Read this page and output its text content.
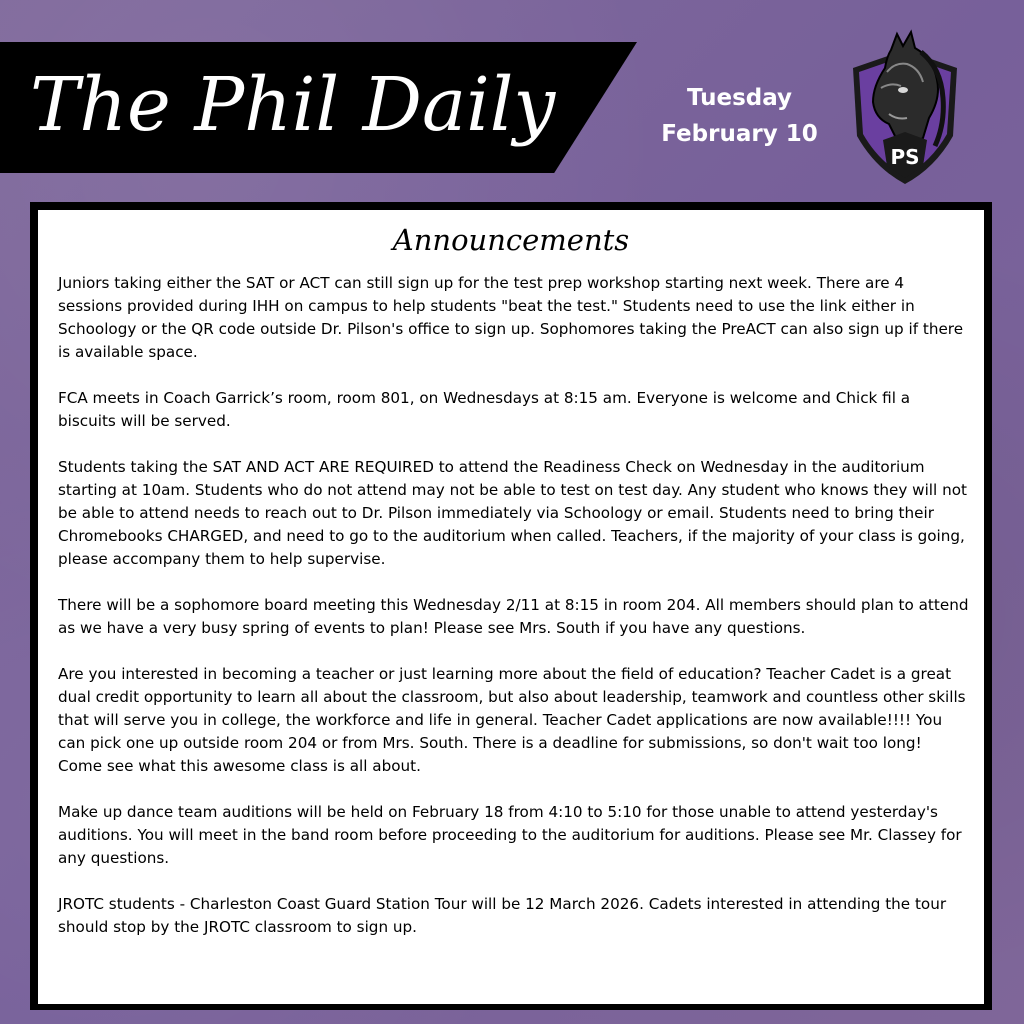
The Phil Daily	Tuesday
February 10
PS
Announcements
Juniors taking either the SAT or ACT can still sign up for the test prep workshop starting next week. There are 4 sessions provided during IHH on campus to help students "beat the test." Students need to use the link either in Schoology or the QR code outside Dr. Pilson's office to sign up. Sophomores taking the PreACT can also sign up if there is available space.
FCA meets in Coach Garrick’s room, room 801, on Wednesdays at 8:15 am. Everyone is welcome and Chick fil a biscuits will be served.
Students taking the SAT AND ACT ARE REQUIRED to attend the Readiness Check on Wednesday in the auditorium starting at 10am. Students who do not attend may not be able to test on test day. Any student who knows they will not be able to attend needs to reach out to Dr. Pilson immediately via Schoology or email. Students need to bring their Chromebooks CHARGED, and need to go to the auditorium when called. Teachers, if the majority of your class is going, please accompany them to help supervise.
There will be a sophomore board meeting this Wednesday 2/11 at 8:15 in room 204. All members should plan to attend as we have a very busy spring of events to plan! Please see Mrs. South if you have any questions.
Are you interested in becoming a teacher or just learning more about the field of education? Teacher Cadet is a great dual credit opportunity to learn all about the classroom, but also about leadership, teamwork and countless other skills that will serve you in college, the workforce and life in general. Teacher Cadet applications are now available!!!! You can pick one up outside room 204 or from Mrs. South. There is a deadline for submissions, so don't wait too long! Come see what this awesome class is all about.
Make up dance team auditions will be held on February 18 from 4:10 to 5:10 for those unable to attend yesterday's auditions. You will meet in the band room before proceeding to the auditorium for auditions. Please see Mr. Classey for any questions.
JROTC students - Charleston Coast Guard Station Tour will be 12 March 2026. Cadets interested in attending the tour should stop by the JROTC classroom to sign up.
